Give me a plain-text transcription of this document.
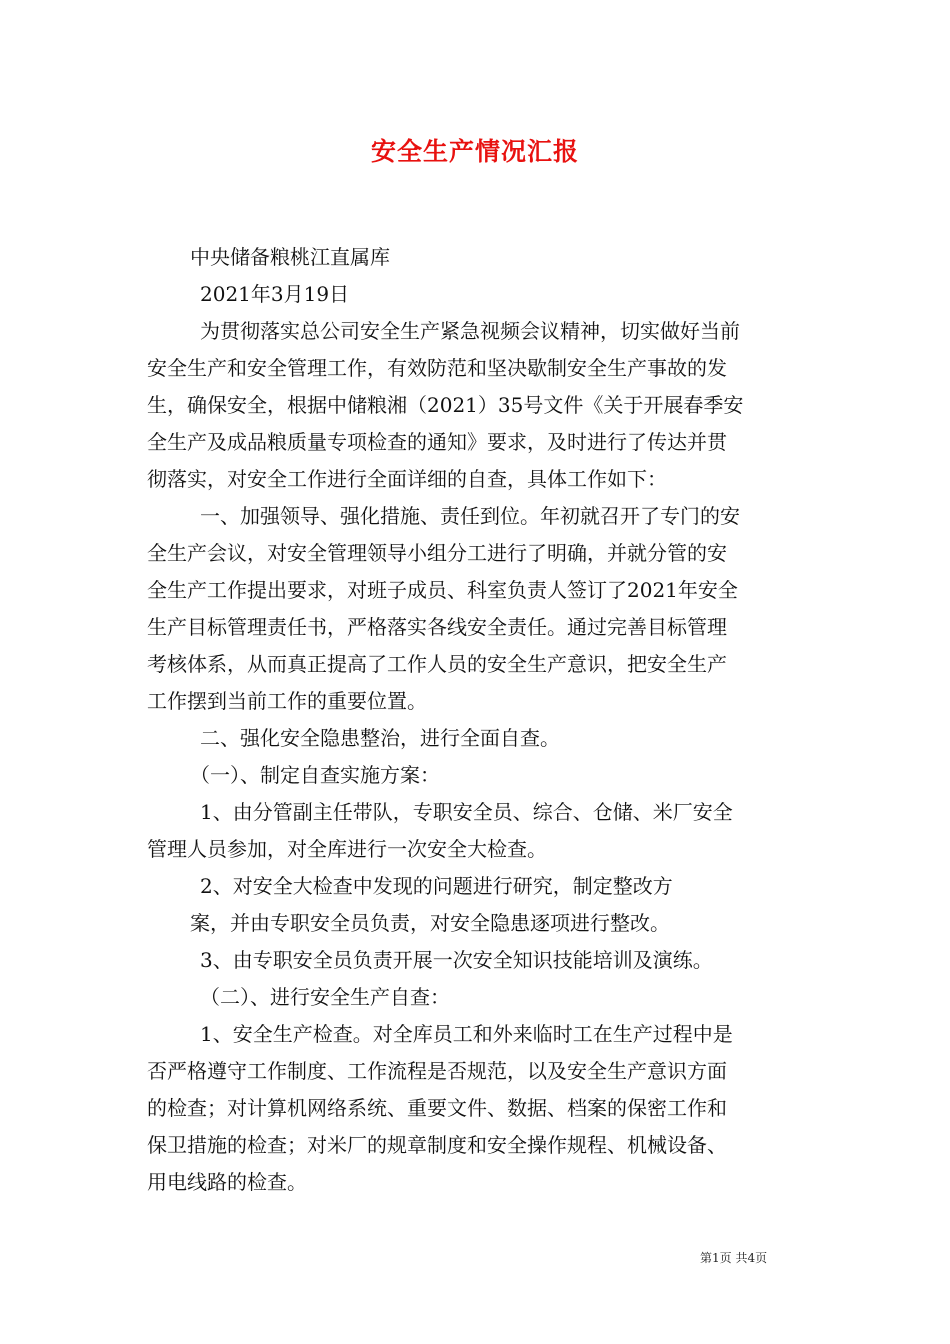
安全生产情况汇报
中央储备粮桃江直属库
2021年3月19日
为贯彻落实总公司安全生产紧急视频会议精神，切实做好当前
安全生产和安全管理工作，有效防范和坚决歇制安全生产事故的发
生，确保安全，根据中储粮湘（2021）35号文件《关于开展春季安
全生产及成品粮质量专项检查的通知》要求，及时进行了传达并贯
彻落实，对安全工作进行全面详细的自查，具体工作如下：
一、加强领导、强化措施、责任到位。年初就召开了专门的安
全生产会议，对安全管理领导小组分工进行了明确，并就分管的安
全生产工作提出要求，对班子成员、科室负责人签订了2021年安全
生产目标管理责任书，严格落实各线安全责任。通过完善目标管理
考核体系，从而真正提高了工作人员的安全生产意识，把安全生产
工作摆到当前工作的重要位置。
二、强化安全隐患整治，进行全面自查。
（一）、制定自查实施方案：
1、由分管副主任带队，专职安全员、综合、仓储、米厂安全
管理人员参加，对全库进行一次安全大检查。
2、对安全大检查中发现的问题进行研究，制定整改方
案，并由专职安全员负责，对安全隐患逐项进行整改。
3、由专职安全员负责开展一次安全知识技能培训及演练。
（二）、进行安全生产自查：
1、安全生产检查。对全库员工和外来临时工在生产过程中是
否严格遵守工作制度、工作流程是否规范，以及安全生产意识方面
的检查；对计算机网络系统、重要文件、数据、档案的保密工作和
保卫措施的检查；对米厂的规章制度和安全操作规程、机械设备、
用电线路的检查。
第1页 共4页
